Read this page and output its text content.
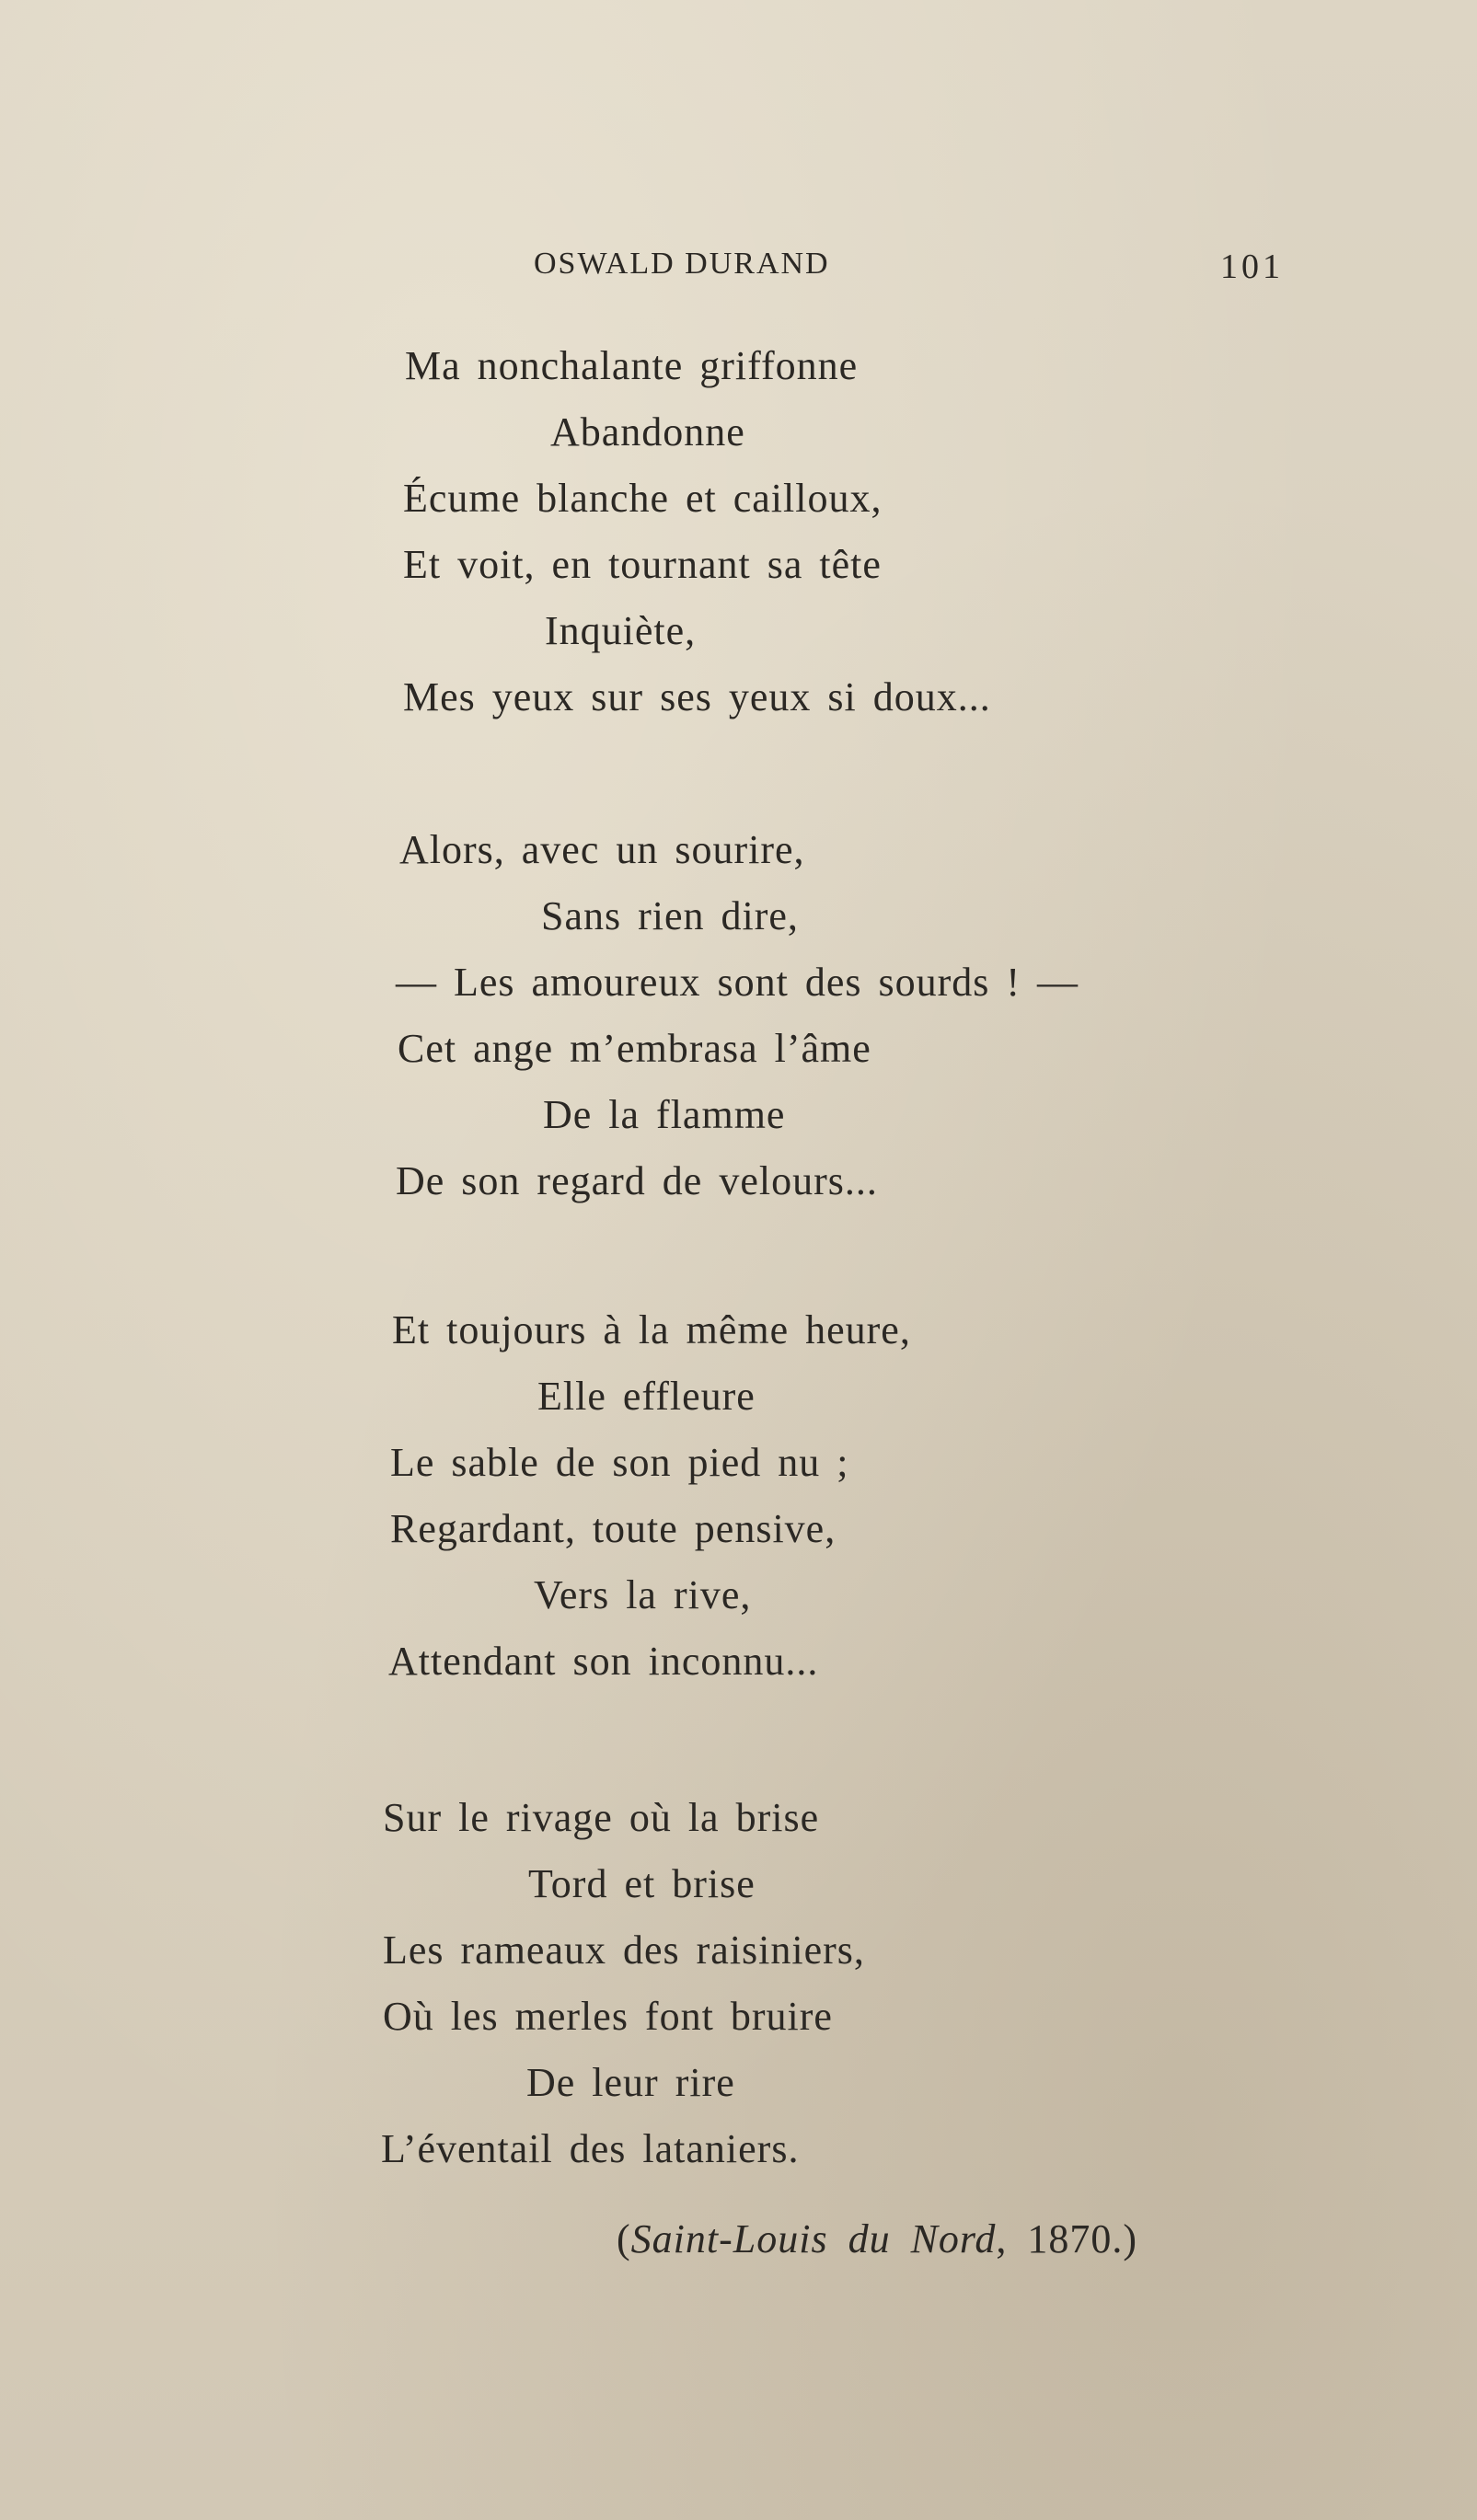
OSWALD DURAND	101
Ma nonchalante griffonne
Abandonne
Écume blanche et cailloux,
Et voit, en tournant sa tête
Inquiète,
Mes yeux sur ses yeux si doux...
Alors, avec un sourire,
Sans rien dire,
— Les amoureux sont des sourds ! —
Cet ange m’embrasa l’âme
De la flamme
De son regard de velours...
Et toujours à la même heure,
Elle effleure
Le sable de son pied nu ;
Regardant, toute pensive,
Vers la rive,
Attendant son inconnu...
Sur le rivage où la brise
Tord et brise
Les rameaux des raisiniers,
Où les merles font bruire
De leur rire
L’éventail des lataniers.
(Saint-Louis du Nord, 1870.)
